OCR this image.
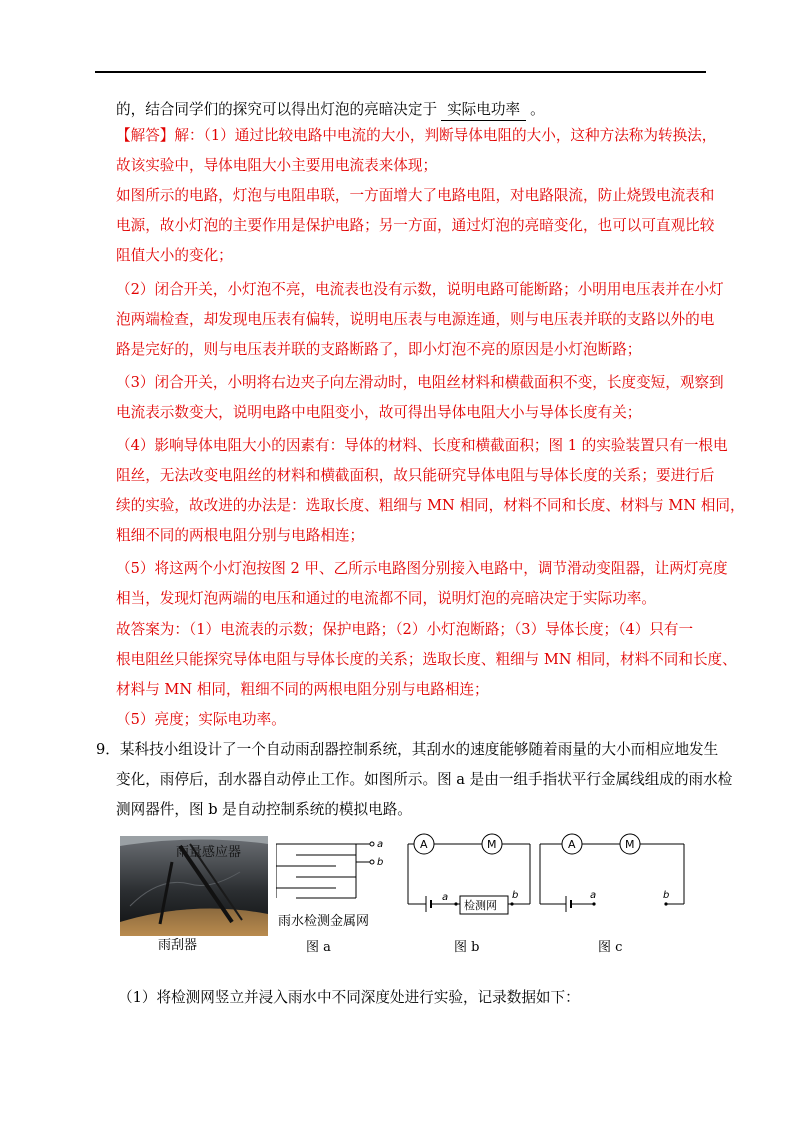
的，结合同学们的探究可以得出灯泡的亮暗决定于 实际电功率 。
【解答】解：（1）通过比较电路中电流的大小，判断导体电阻的大小，这种方法称为转换法，
故该实验中，导体电阻大小主要用电流表来体现；
如图所示的电路，灯泡与电阻串联，一方面增大了电路电阻，对电路限流，防止烧毁电流表和
电源，故小灯泡的主要作用是保护电路；另一方面，通过灯泡的亮暗变化，也可以可直观比较
阻值大小的变化；
（2）闭合开关，小灯泡不亮，电流表也没有示数，说明电路可能断路；小明用电压表并在小灯
泡两端检查，却发现电压表有偏转，说明电压表与电源连通，则与电压表并联的支路以外的电
路是完好的，则与电压表并联的支路断路了，即小灯泡不亮的原因是小灯泡断路；
（3）闭合开关，小明将右边夹子向左滑动时，电阻丝材料和横截面积不变，长度变短，观察到
电流表示数变大，说明电路中电阻变小，故可得出导体电阻大小与导体长度有关；
（4）影响导体电阻大小的因素有：导体的材料、长度和横截面积；图 1 的实验装置只有一根电
阻丝，无法改变电阻丝的材料和横截面积，故只能研究导体电阻与导体长度的关系；要进行后
续的实验，故改进的办法是：选取长度、粗细与 MN 相同，材料不同和长度、材料与 MN 相同，
粗细不同的两根电阻分别与电路相连；
（5）将这两个小灯泡按图 2 甲、乙所示电路图分别接入电路中，调节滑动变阻器，让两灯亮度
相当，发现灯泡两端的电压和通过的电流都不同，说明灯泡的亮暗决定于实际功率。
故答案为：（1）电流表的示数；保护电路；（2）小灯泡断路；（3）导体长度；（4）只有一
根电阻丝只能探究导体电阻与导体长度的关系；选取长度、粗细与 MN 相同，材料不同和长度、
材料与 MN 相同，粗细不同的两根电阻分别与电路相连；
（5）亮度；实际电功率。
9．某科技小组设计了一个自动雨刮器控制系统，其刮水的速度能够随着雨量的大小而相应地发生
变化，雨停后，刮水器自动停止工作。如图所示。图 a 是由一组手指状平行金属线组成的雨水检
测网器件，图 b 是自动控制系统的模拟电路。
雨量感应器
雨刮器
a
b
雨水检测金属网
图 a
A	M
检测网
a	b
图 b
A	M
a	b
图 c
（1）将检测网竖立并浸入雨水中不同深度处进行实验，记录数据如下：
